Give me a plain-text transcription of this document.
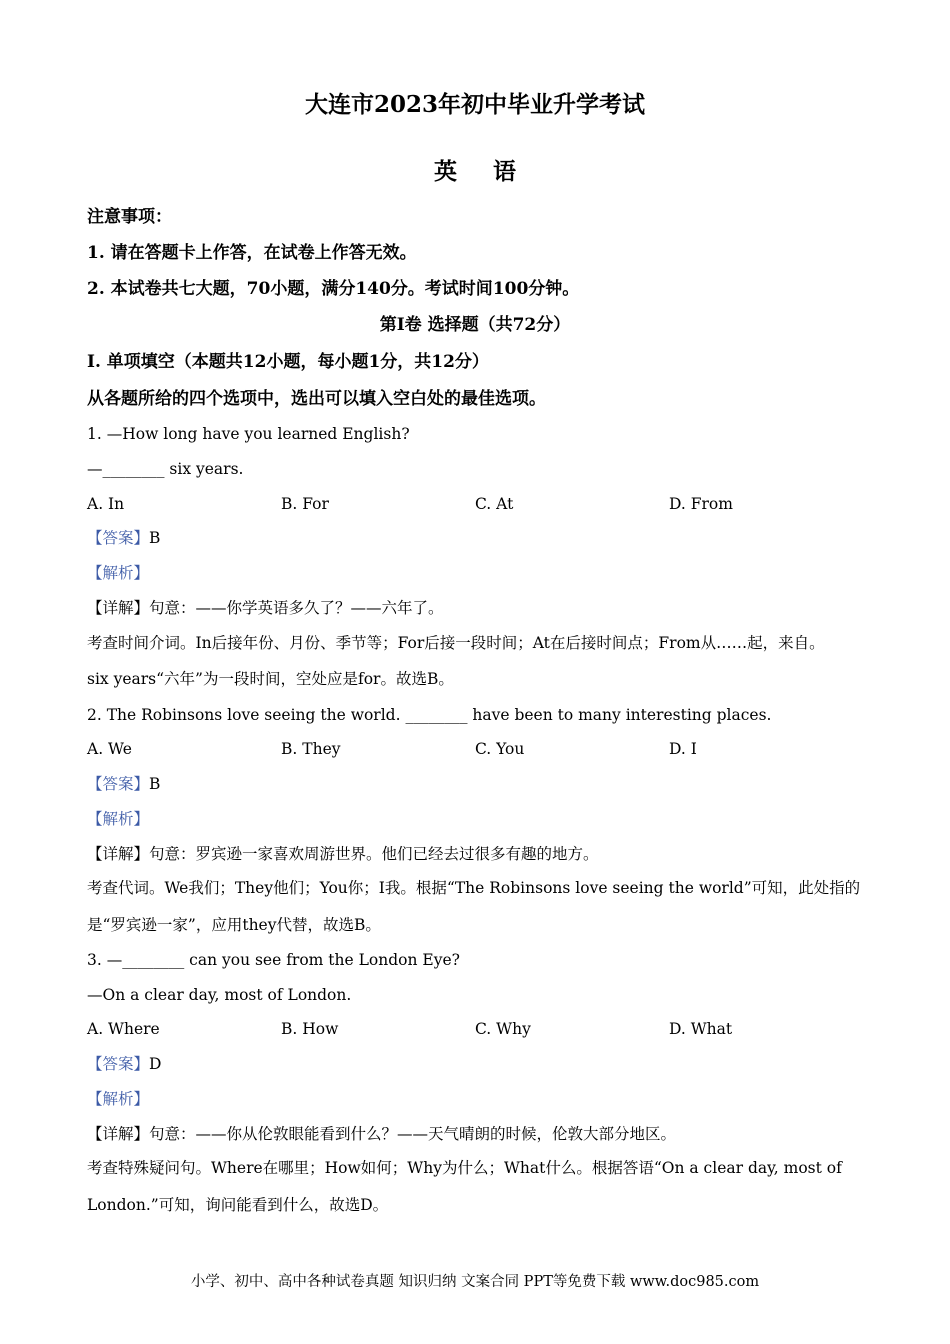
大连市2023年初中毕业升学考试
英 语
注意事项：
1. 请在答题卡上作答，在试卷上作答无效。
2. 本试卷共七大题，70小题，满分140分。考试时间100分钟。
第Ⅰ卷 选择题（共72分）
Ⅰ. 单项填空（本题共12小题，每小题1分，共12分）
从各题所给的四个选项中，选出可以填入空白处的最佳选项。
1. —How long have you learned English?
—________ six years.
A. In	B. For	C. At	D. From
【答案】B
【解析】
【详解】句意：——你学英语多久了？——六年了。
考查时间介词。In后接年份、月份、季节等；For后接一段时间；At在后接时间点；From从……起，来自。
six years“六年”为一段时间，空处应是for。故选B。
2. The Robinsons love seeing the world. ________ have been to many interesting places.
A. We	B. They	C. You	D. I
【答案】B
【解析】
【详解】句意：罗宾逊一家喜欢周游世界。他们已经去过很多有趣的地方。
考查代词。We我们；They他们；You你；I我。根据“The Robinsons love seeing the world”可知，此处指的
是“罗宾逊一家”，应用they代替，故选B。
3. —________ can you see from the London Eye?
—On a clear day, most of London.
A. Where	B. How	C. Why	D. What
【答案】D
【解析】
【详解】句意：——你从伦敦眼能看到什么？——天气晴朗的时候，伦敦大部分地区。
考查特殊疑问句。Where在哪里；How如何；Why为什么；What什么。根据答语“On a clear day, most of
London.”可知，询问能看到什么，故选D。
小学、初中、高中各种试卷真题 知识归纳 文案合同 PPT等免费下载 www.doc985.com
